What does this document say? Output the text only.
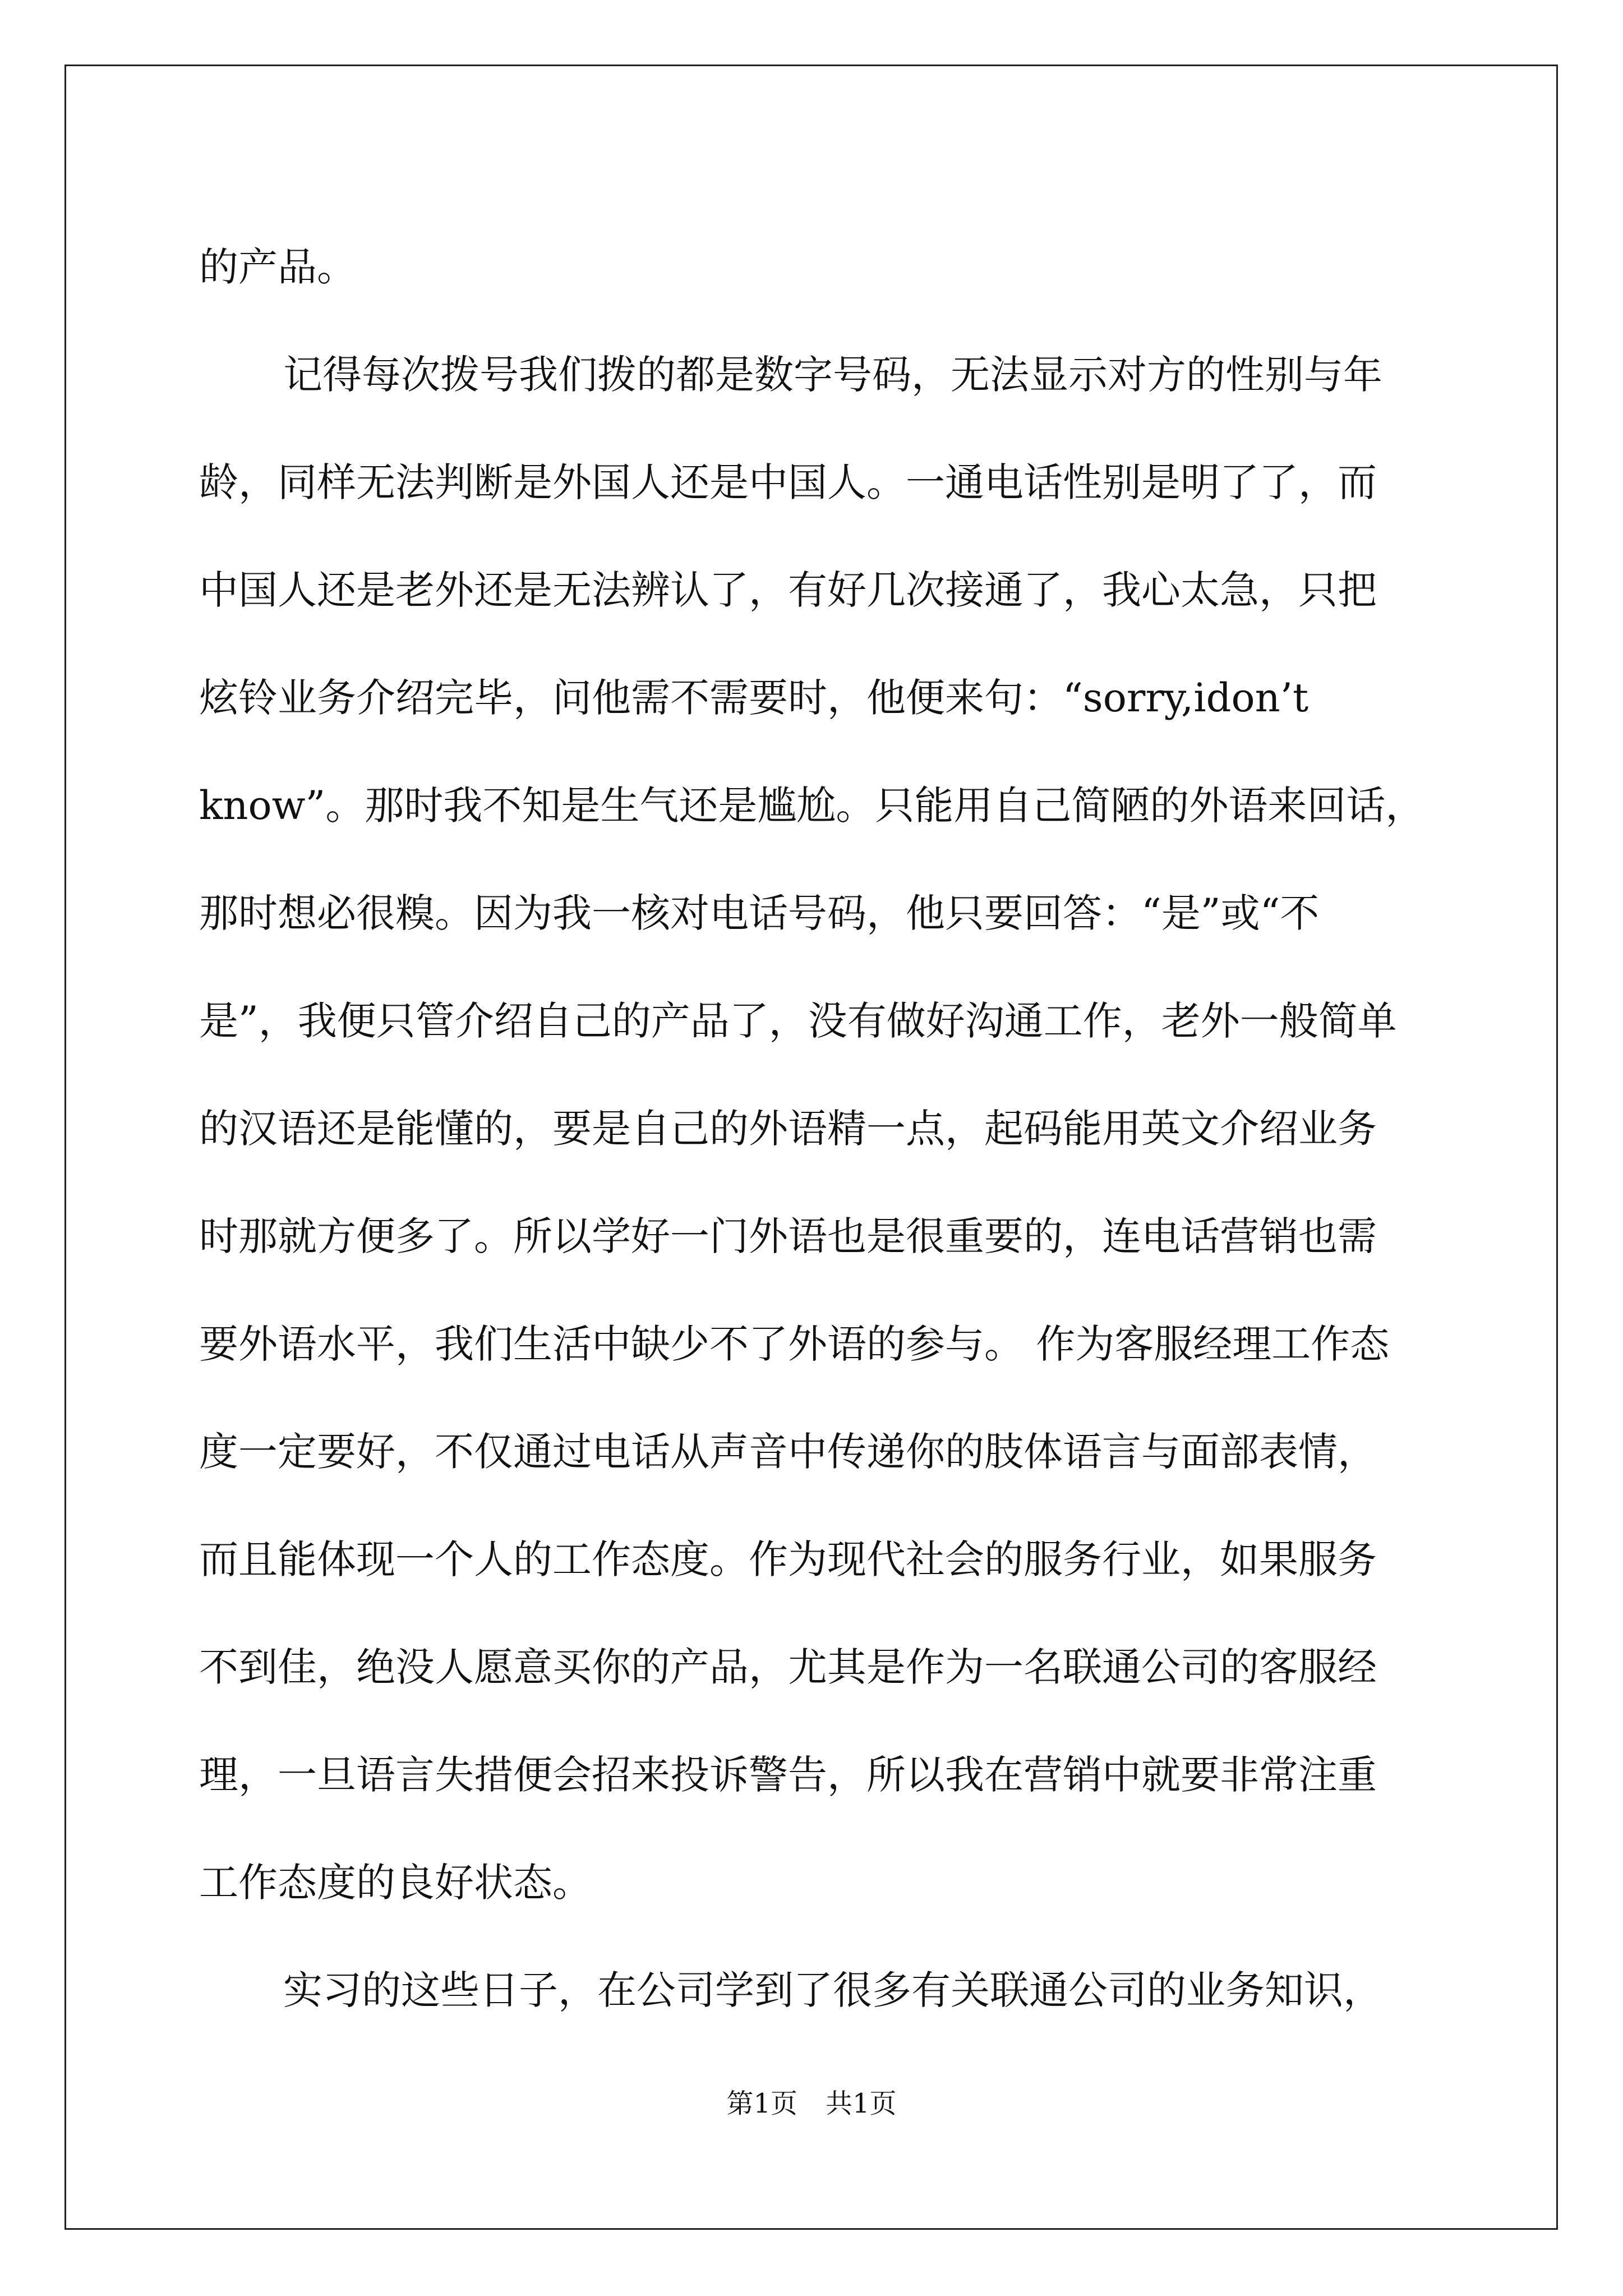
的产品。
记得每次拨号我们拨的都是数字号码，无法显示对方的性别与年
龄，同样无法判断是外国人还是中国人。一通电话性别是明了了，而
中国人还是老外还是无法辨认了，有好几次接通了，我心太急，只把
炫铃业务介绍完毕，问他需不需要时，他便来句：“sorry,idon’t
know”。那时我不知是生气还是尴尬。只能用自己简陋的外语来回话，
那时想必很糗。因为我一核对电话号码，他只要回答：“是”或“不
是”，我便只管介绍自己的产品了，没有做好沟通工作，老外一般简单
的汉语还是能懂的，要是自己的外语精一点，起码能用英文介绍业务
时那就方便多了。所以学好一门外语也是很重要的，连电话营销也需
要外语水平，我们生活中缺少不了外语的参与。 作为客服经理工作态
度一定要好，不仅通过电话从声音中传递你的肢体语言与面部表情，
而且能体现一个人的工作态度。作为现代社会的服务行业，如果服务
不到佳，绝没人愿意买你的产品，尤其是作为一名联通公司的客服经
理，一旦语言失措便会招来投诉警告，所以我在营销中就要非常注重
工作态度的良好状态。
实习的这些日子，在公司学到了很多有关联通公司的业务知识，
第1页 共1页
